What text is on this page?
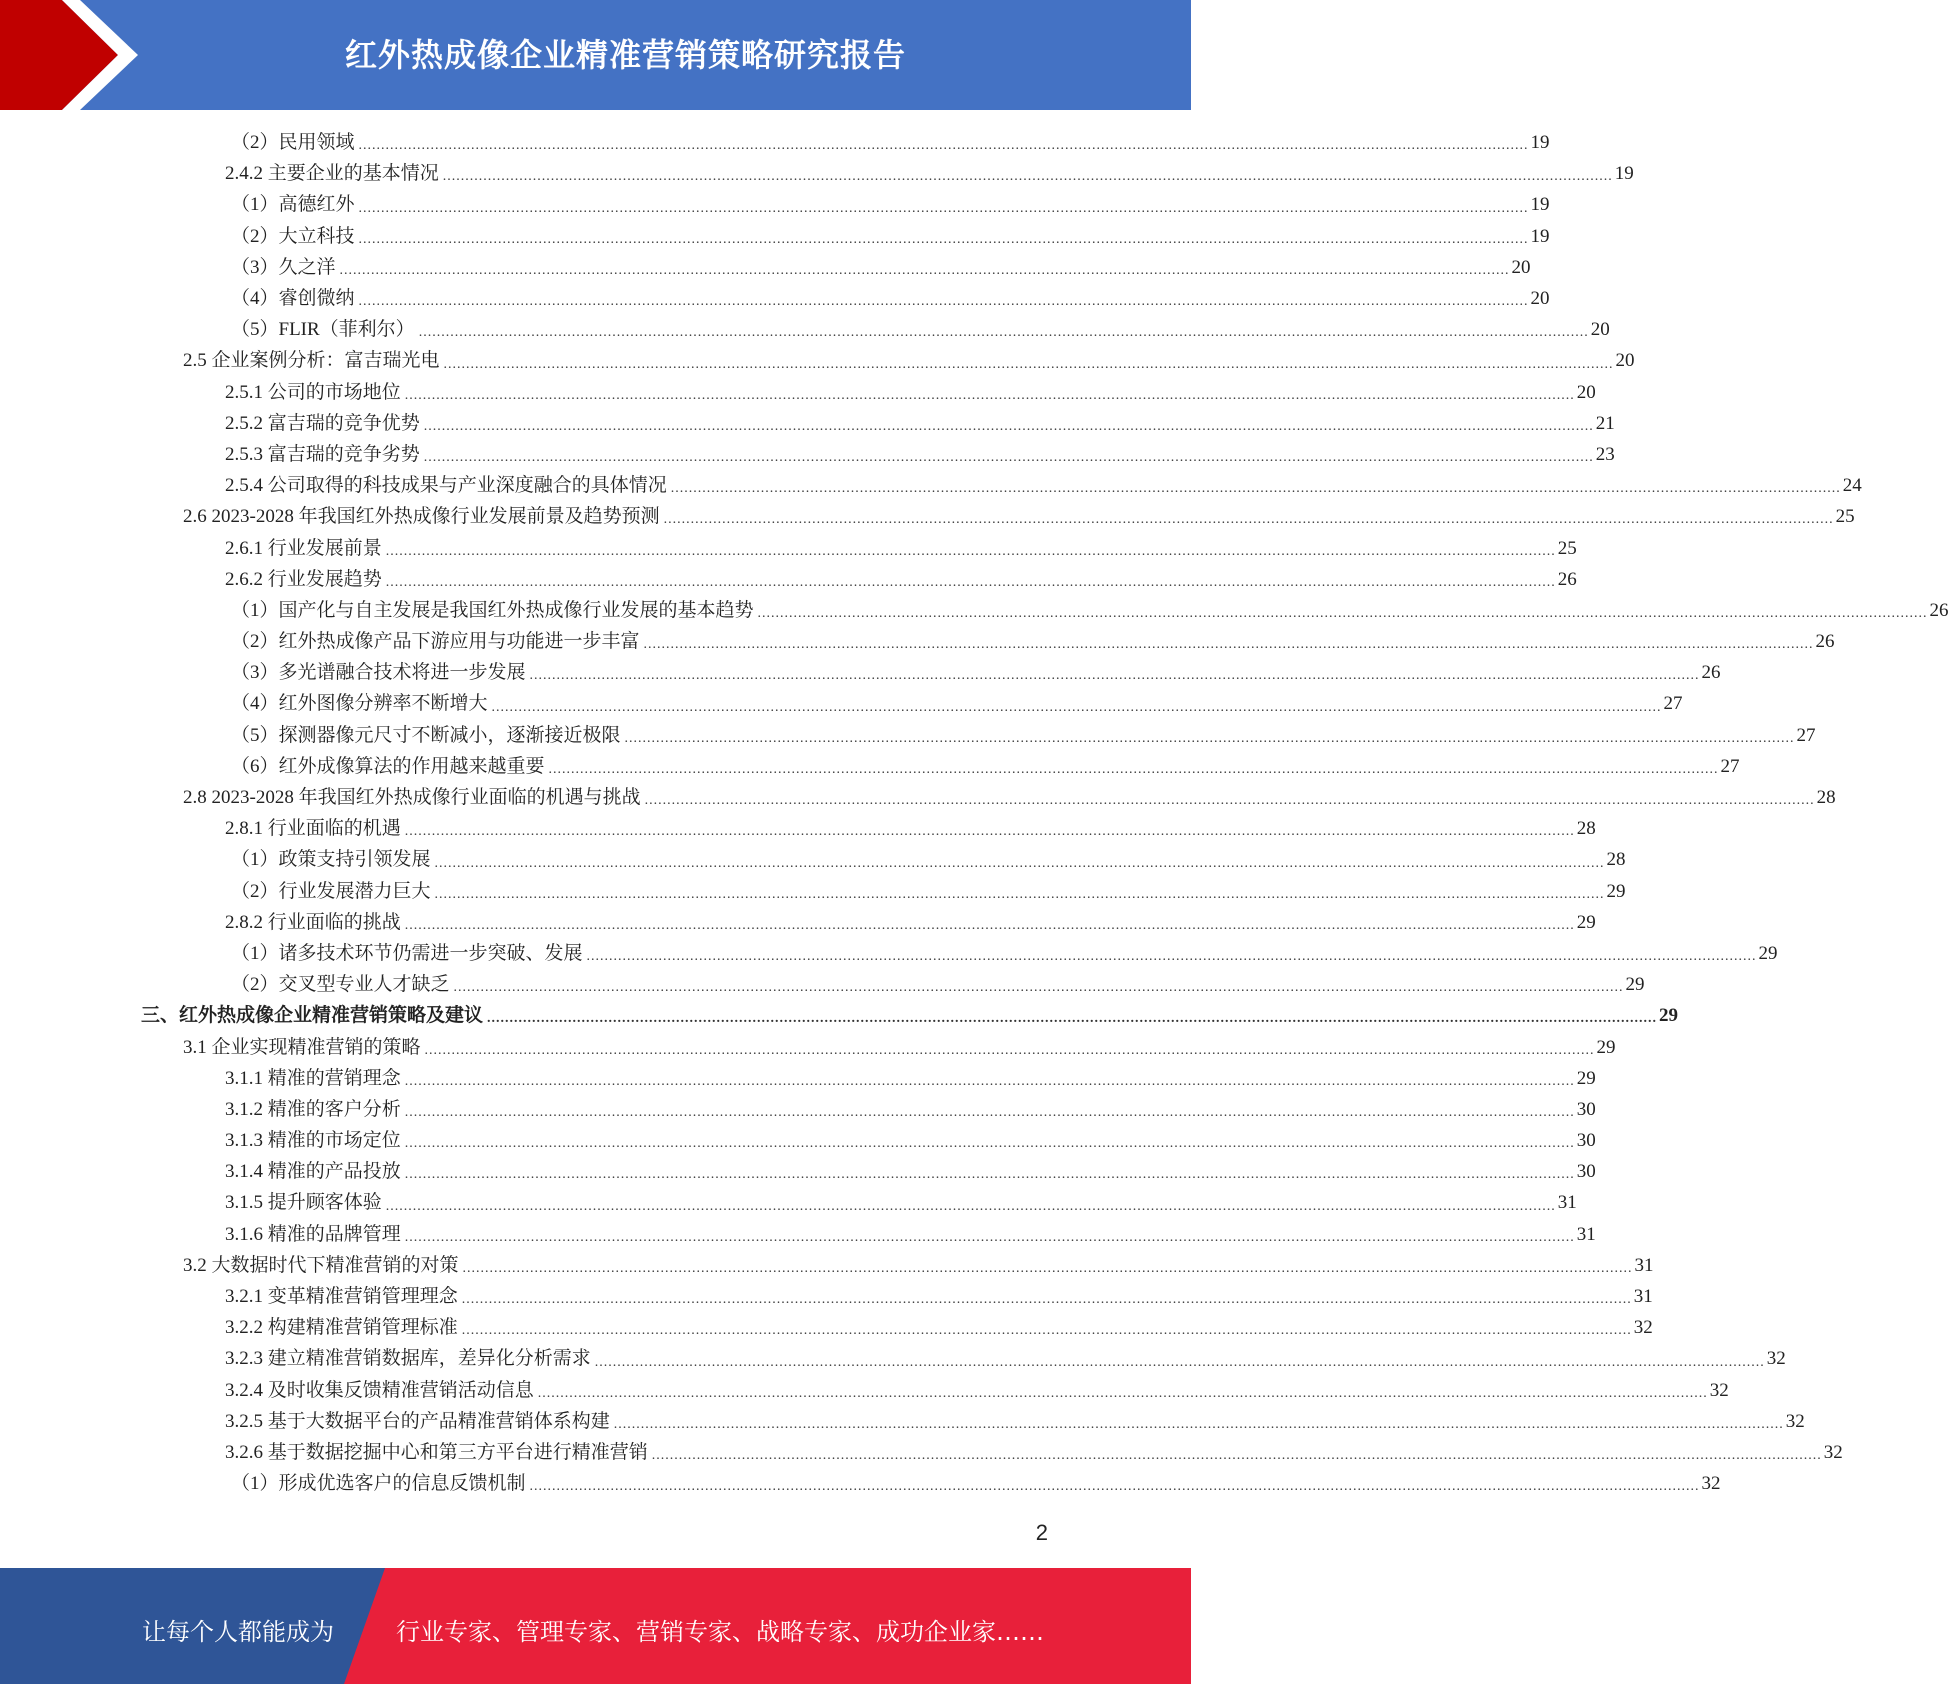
红外热成像企业精准营销策略研究报告
（2）民用领域 .................................................................................................................................................................................................................................................................... 19
2.4.2 主要企业的基本情况 .................................................................................................................................................................................................................................................................... 19
（1）高德红外 .................................................................................................................................................................................................................................................................... 19
（2）大立科技 .................................................................................................................................................................................................................................................................... 19
（3）久之洋 .................................................................................................................................................................................................................................................................... 20
（4）睿创微纳 .................................................................................................................................................................................................................................................................... 20
（5）FLIR（菲利尔） .................................................................................................................................................................................................................................................................... 20
2.5 企业案例分析：富吉瑞光电 .................................................................................................................................................................................................................................................................... 20
2.5.1 公司的市场地位 .................................................................................................................................................................................................................................................................... 20
2.5.2 富吉瑞的竞争优势 .................................................................................................................................................................................................................................................................... 21
2.5.3 富吉瑞的竞争劣势 .................................................................................................................................................................................................................................................................... 23
2.5.4 公司取得的科技成果与产业深度融合的具体情况 .................................................................................................................................................................................................................................................................... 24
2.6 2023-2028 年我国红外热成像行业发展前景及趋势预测 .................................................................................................................................................................................................................................................................... 25
2.6.1 行业发展前景 .................................................................................................................................................................................................................................................................... 25
2.6.2 行业发展趋势 .................................................................................................................................................................................................................................................................... 26
（1）国产化与自主发展是我国红外热成像行业发展的基本趋势 .................................................................................................................................................................................................................................................................... 26
（2）红外热成像产品下游应用与功能进一步丰富 .................................................................................................................................................................................................................................................................... 26
（3）多光谱融合技术将进一步发展 .................................................................................................................................................................................................................................................................... 26
（4）红外图像分辨率不断增大 .................................................................................................................................................................................................................................................................... 27
（5）探测器像元尺寸不断减小，逐渐接近极限 .................................................................................................................................................................................................................................................................... 27
（6）红外成像算法的作用越来越重要 .................................................................................................................................................................................................................................................................... 27
2.8 2023-2028 年我国红外热成像行业面临的机遇与挑战 .................................................................................................................................................................................................................................................................... 28
2.8.1 行业面临的机遇 .................................................................................................................................................................................................................................................................... 28
（1）政策支持引领发展 .................................................................................................................................................................................................................................................................... 28
（2）行业发展潜力巨大 .................................................................................................................................................................................................................................................................... 29
2.8.2 行业面临的挑战 .................................................................................................................................................................................................................................................................... 29
（1）诸多技术环节仍需进一步突破、发展 .................................................................................................................................................................................................................................................................... 29
（2）交叉型专业人才缺乏 .................................................................................................................................................................................................................................................................... 29
三、红外热成像企业精准营销策略及建议 .................................................................................................................................................................................................................................................................... 29
3.1 企业实现精准营销的策略 .................................................................................................................................................................................................................................................................... 29
3.1.1 精准的营销理念 .................................................................................................................................................................................................................................................................... 29
3.1.2 精准的客户分析 .................................................................................................................................................................................................................................................................... 30
3.1.3 精准的市场定位 .................................................................................................................................................................................................................................................................... 30
3.1.4 精准的产品投放 .................................................................................................................................................................................................................................................................... 30
3.1.5 提升顾客体验 .................................................................................................................................................................................................................................................................... 31
3.1.6 精准的品牌管理 .................................................................................................................................................................................................................................................................... 31
3.2 大数据时代下精准营销的对策 .................................................................................................................................................................................................................................................................... 31
3.2.1 变革精准营销管理理念 .................................................................................................................................................................................................................................................................... 31
3.2.2 构建精准营销管理标准 .................................................................................................................................................................................................................................................................... 32
3.2.3 建立精准营销数据库，差异化分析需求 .................................................................................................................................................................................................................................................................... 32
3.2.4 及时收集反馈精准营销活动信息 .................................................................................................................................................................................................................................................................... 32
3.2.5 基于大数据平台的产品精准营销体系构建 .................................................................................................................................................................................................................................................................... 32
3.2.6 基于数据挖掘中心和第三方平台进行精准营销 .................................................................................................................................................................................................................................................................... 32
（1）形成优选客户的信息反馈机制 .................................................................................................................................................................................................................................................................... 32
2
让每个人都能成为	行业专家、管理专家、营销专家、战略专家、成功企业家……
